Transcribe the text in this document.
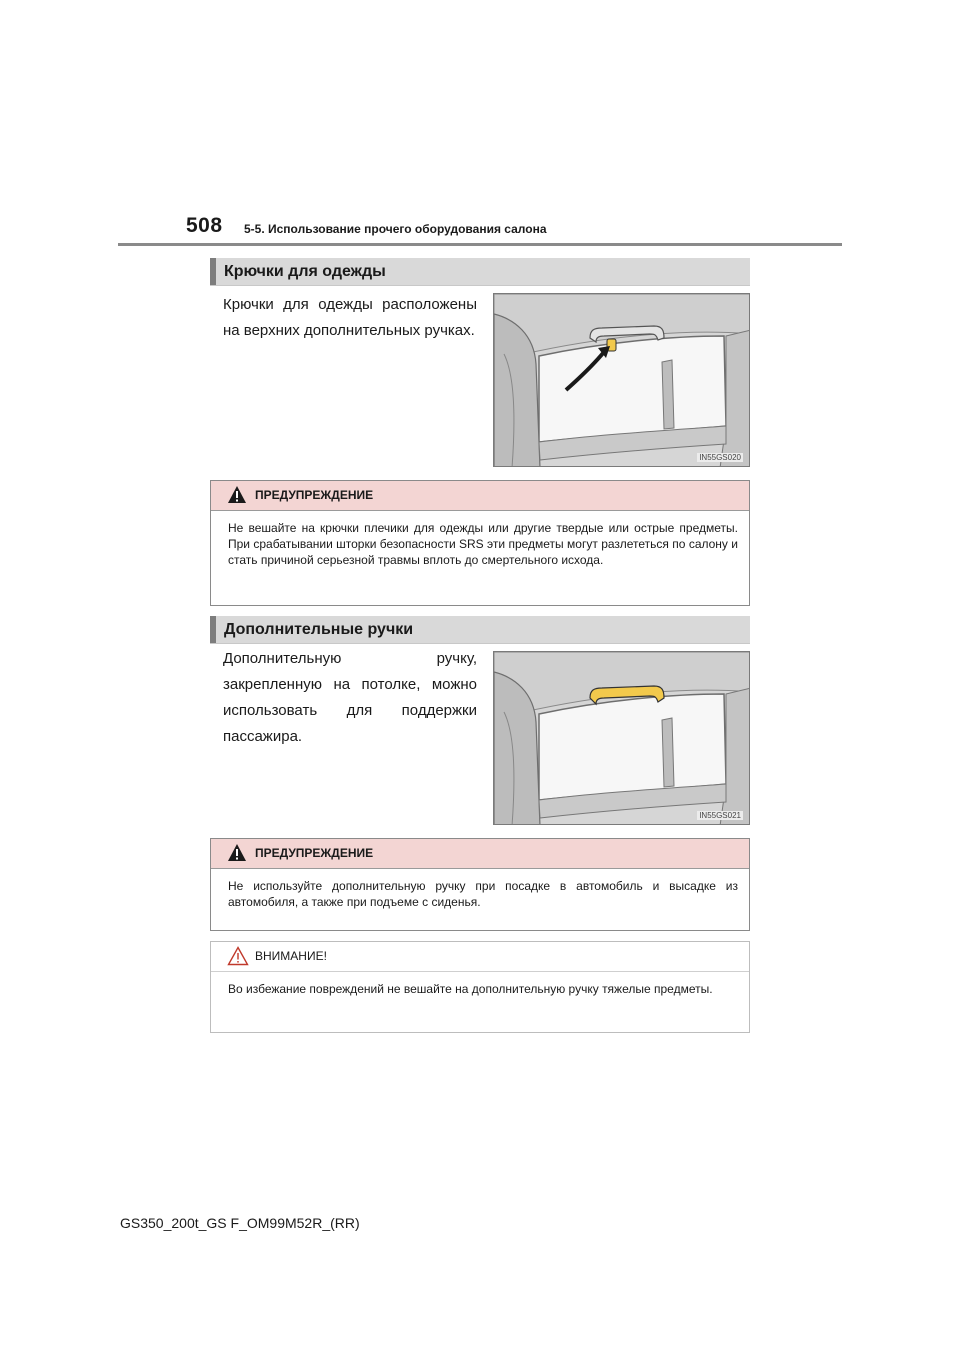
508 5-5. Использование прочего оборудования салона
Крючки для одежды
Крючки для одежды расположены на верхних дополнительных ручках.
IN55GS020
ПРЕДУПРЕЖДЕНИЕ
Не вешайте на крючки плечики для одежды или другие твердые или острые предметы. При срабатывании шторки безопасности SRS эти предметы могут разлететься по салону и стать причиной серьезной травмы вплоть до смертельного исхода.
Дополнительные ручки
Дополнительную ручку, закрепленную на потолке, можно использовать для поддержки пассажира.
IN55GS021
ПРЕДУПРЕЖДЕНИЕ
Не используйте дополнительную ручку при посадке в автомобиль и высадке из автомобиля, а также при подъеме с сиденья.
ВНИМАНИЕ!
Во избежание повреждений не вешайте на дополнительную ручку тяжелые предметы.
GS350_200t_GS F_OM99M52R_(RR)
